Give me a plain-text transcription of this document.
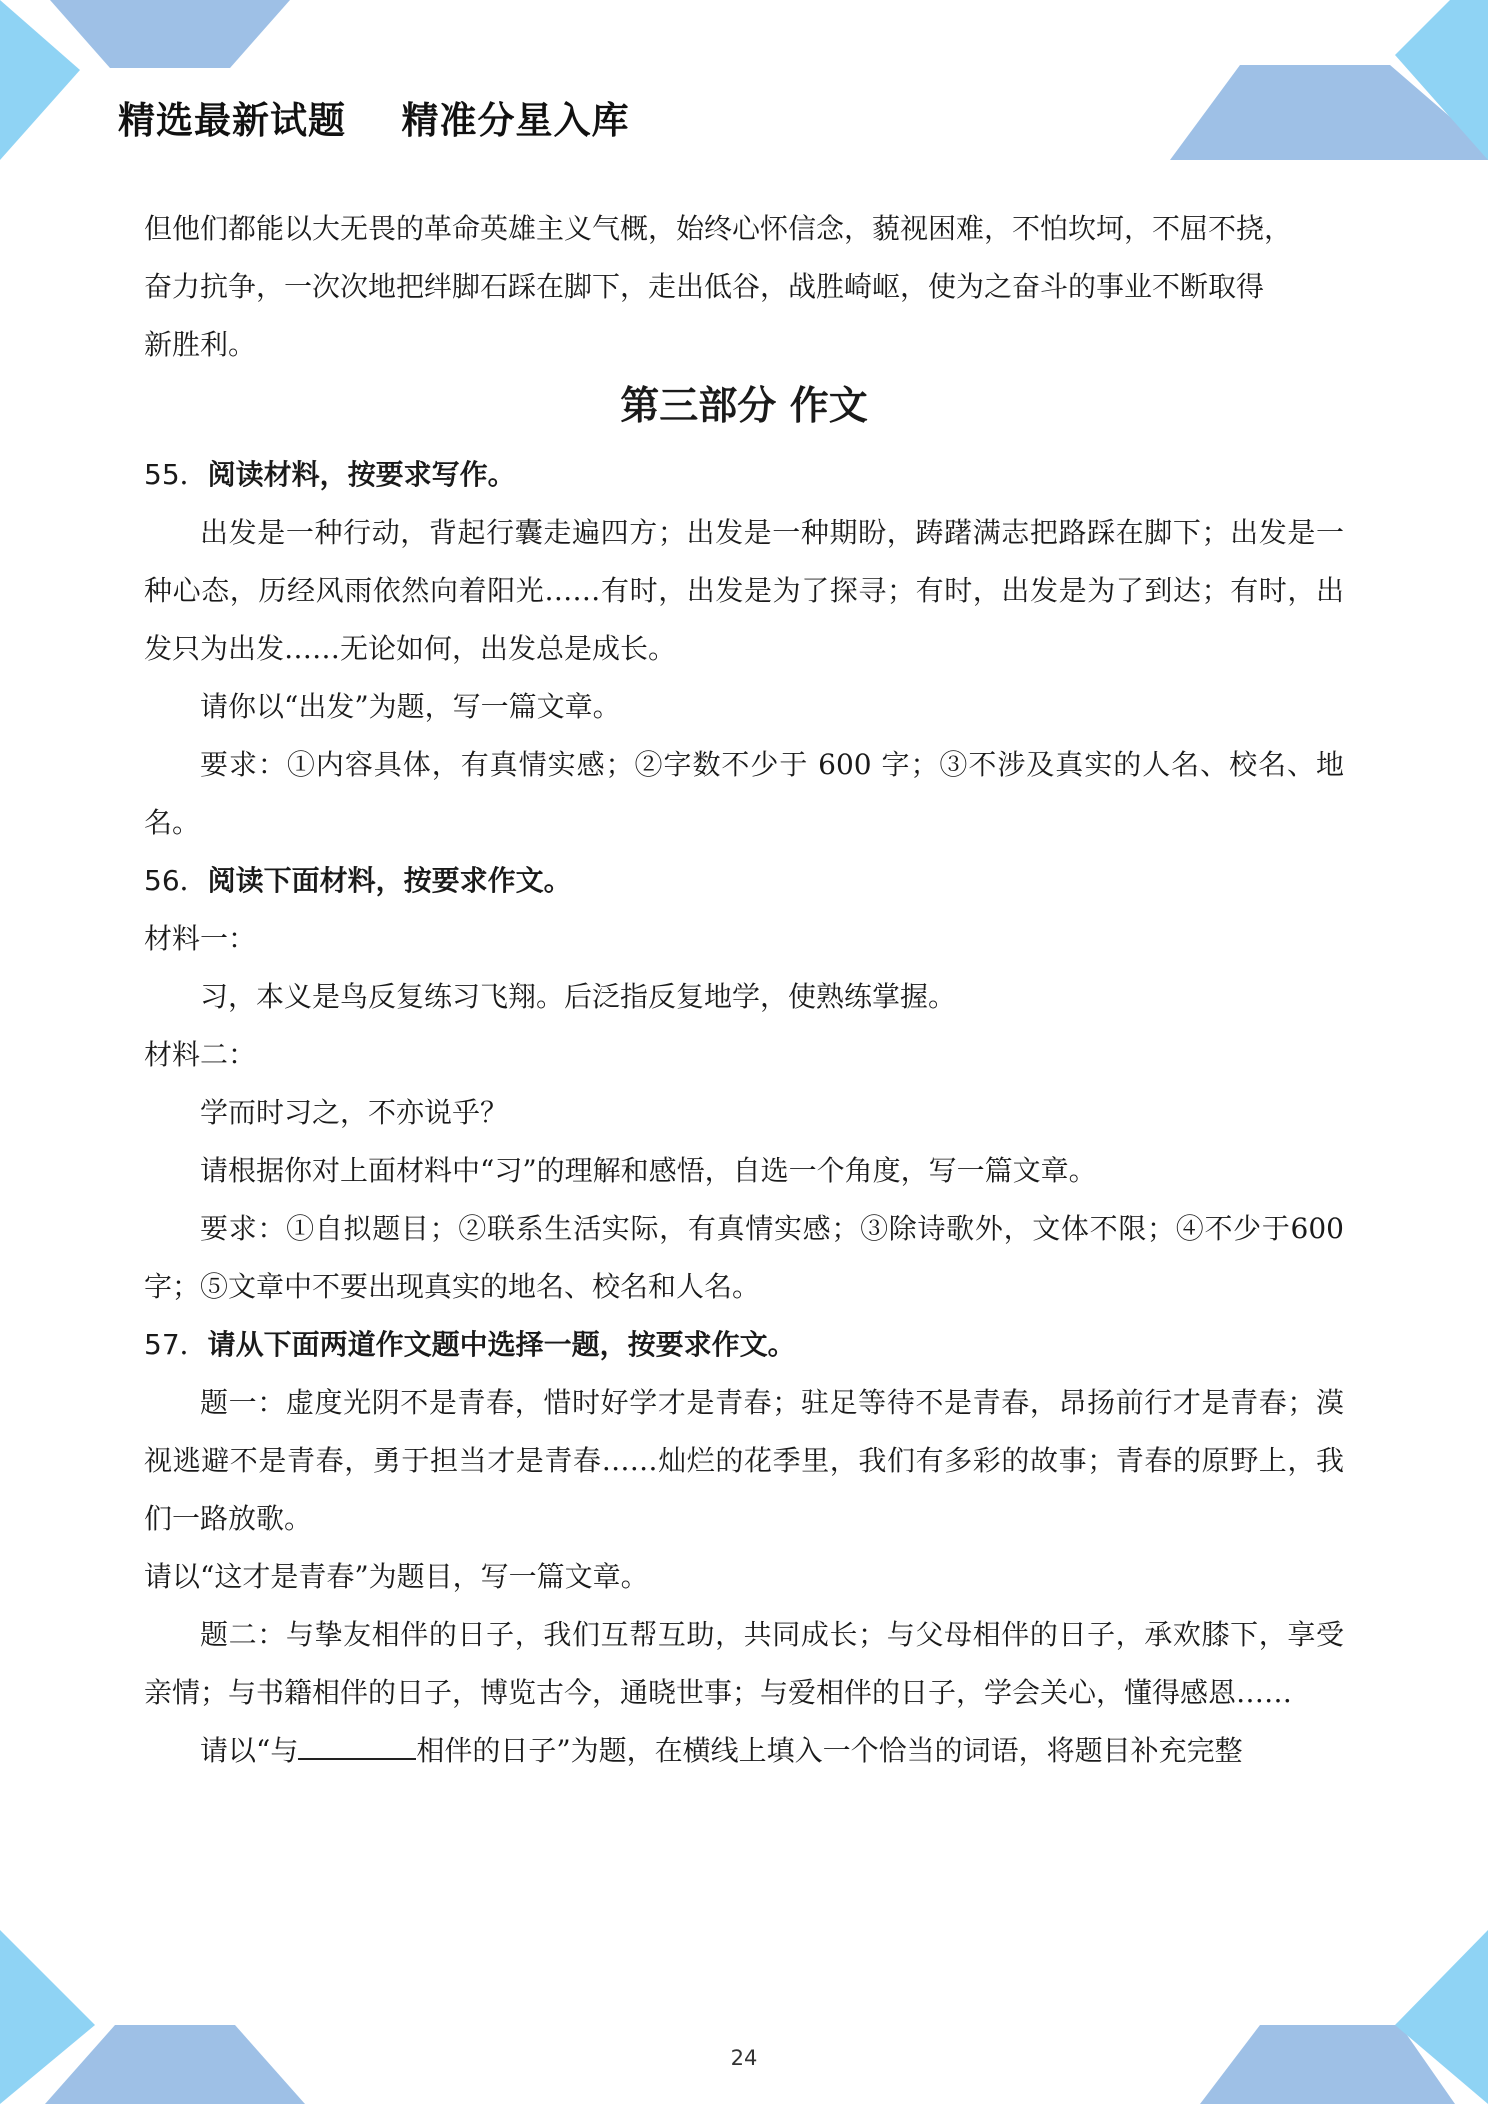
精选最新试题    精准分星入库

但他们都能以大无畏的革命英雄主义气概，始终心怀信念，藐视困难，不怕坎坷，不屈不挠，

奋力抗争，一次次地把绊脚石踩在脚下，走出低谷，战胜崎岖，使为之奋斗的事业不断取得

新胜利。

第三部分 作文

55．阅读材料，按要求写作。

出发是一种行动，背起行囊走遍四方；出发是一种期盼，踌躇满志把路踩在脚下；出发是一种心态，历经风雨依然向着阳光……有时，出发是为了探寻；有时，出发是为了到达；有时，出发只为出发……无论如何，出发总是成长。

请你以“出发”为题，写一篇文章。

要求：①内容具体，有真情实感；②字数不少于 600 字；③不涉及真实的人名、校名、地名。

56．阅读下面材料，按要求作文。

材料一：

习，本义是鸟反复练习飞翔。后泛指反复地学，使熟练掌握。

材料二：

学而时习之，不亦说乎？

请根据你对上面材料中“习”的理解和感悟，自选一个角度，写一篇文章。

要求：①自拟题目；②联系生活实际，有真情实感；③除诗歌外，文体不限；④不少于600 字；⑤文章中不要出现真实的地名、校名和人名。

57．请从下面两道作文题中选择一题，按要求作文。

题一：虚度光阴不是青春，惜时好学才是青春；驻足等待不是青春，昂扬前行才是青春；漠视逃避不是青春，勇于担当才是青春……灿烂的花季里，我们有多彩的故事；青春的原野上，我们一路放歌。

请以“这才是青春”为题目，写一篇文章。

题二：与挚友相伴的日子，我们互帮互助，共同成长；与父母相伴的日子，承欢膝下，享受亲情；与书籍相伴的日子，博览古今，通晓世事；与爱相伴的日子，学会关心，懂得感恩……

请以“与	相伴的日子”为题，在横线上填入一个恰当的词语，将题目补充完整

24
